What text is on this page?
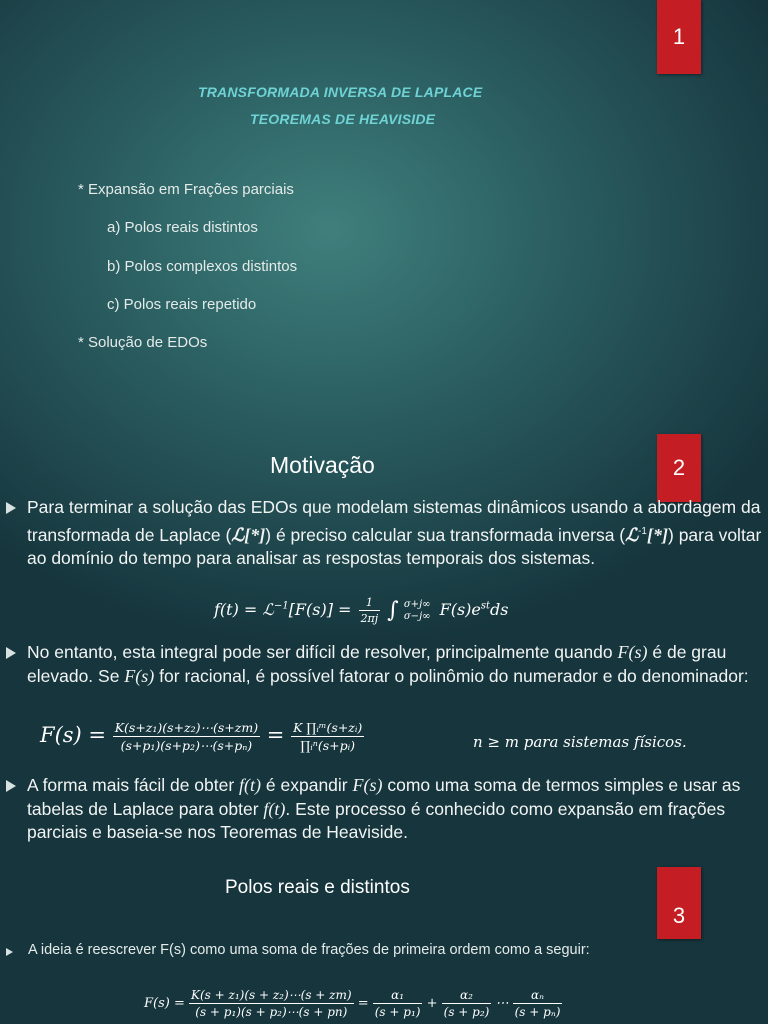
1
TRANSFORMADA INVERSA DE LAPLACE
TEOREMAS DE HEAVISIDE
* Expansão em Frações parciais
a) Polos reais distintos
b) Polos complexos distintos
c) Polos reais repetido
* Solução de EDOs
2
Motivação
Para terminar a solução das EDOs que modelam sistemas dinâmicos usando a abordagem da transformada de Laplace (ℒ[*]) é preciso calcular sua transformada inversa (ℒ$^{-1}$[*]) para voltar ao domínio do tempo para analisar as respostas temporais dos sistemas.
f(t) = ℒ$^{-1}$[F(s)] = $\frac{1}{2\pi j}$ ∫ σ+j∞
σ−j∞ $F(s)e^{st}ds$
No entanto, esta integral pode ser difícil de resolver, principalmente quando F(s) é de grau elevado. Se F(s) for racional, é possível fatorar o polinômio do numerador e do denominador:
$F(s) = \frac{\text{K(s+z₁)(s+z₂)⋯(s+zm)}}{\text{(s+p₁)(s+p₂)⋯(s+pₙ)}} = \frac{\text{K ∏ᵢᵐ(s+zᵢ)}}{\text{∏ᵢⁿ(s+pᵢ)}}$	n ≥ m para sistemas físicos.
A forma mais fácil de obter f(t) é expandir F(s) como uma soma de termos simples e usar as tabelas de Laplace para obter f(t). Este processo é conhecido como expansão em frações parciais e baseia-se nos Teoremas de Heaviside.
3
Polos reais e distintos
A ideia é reescrever F(s) como uma soma de frações de primeira ordem como a seguir:
$F(s) = \frac{\text{K(s + z₁)(s + z₂)⋯(s + zm)}}{\text{(s + p₁)(s + p₂)⋯(s + pn)}} = \frac{\text{α₁}}{\text{(s + p₁)}} + \frac{\text{α₂}}{\text{(s + p₂)}}$ ⋯ $\frac{\text{αₙ}}{\text{(s + pₙ)}}$
